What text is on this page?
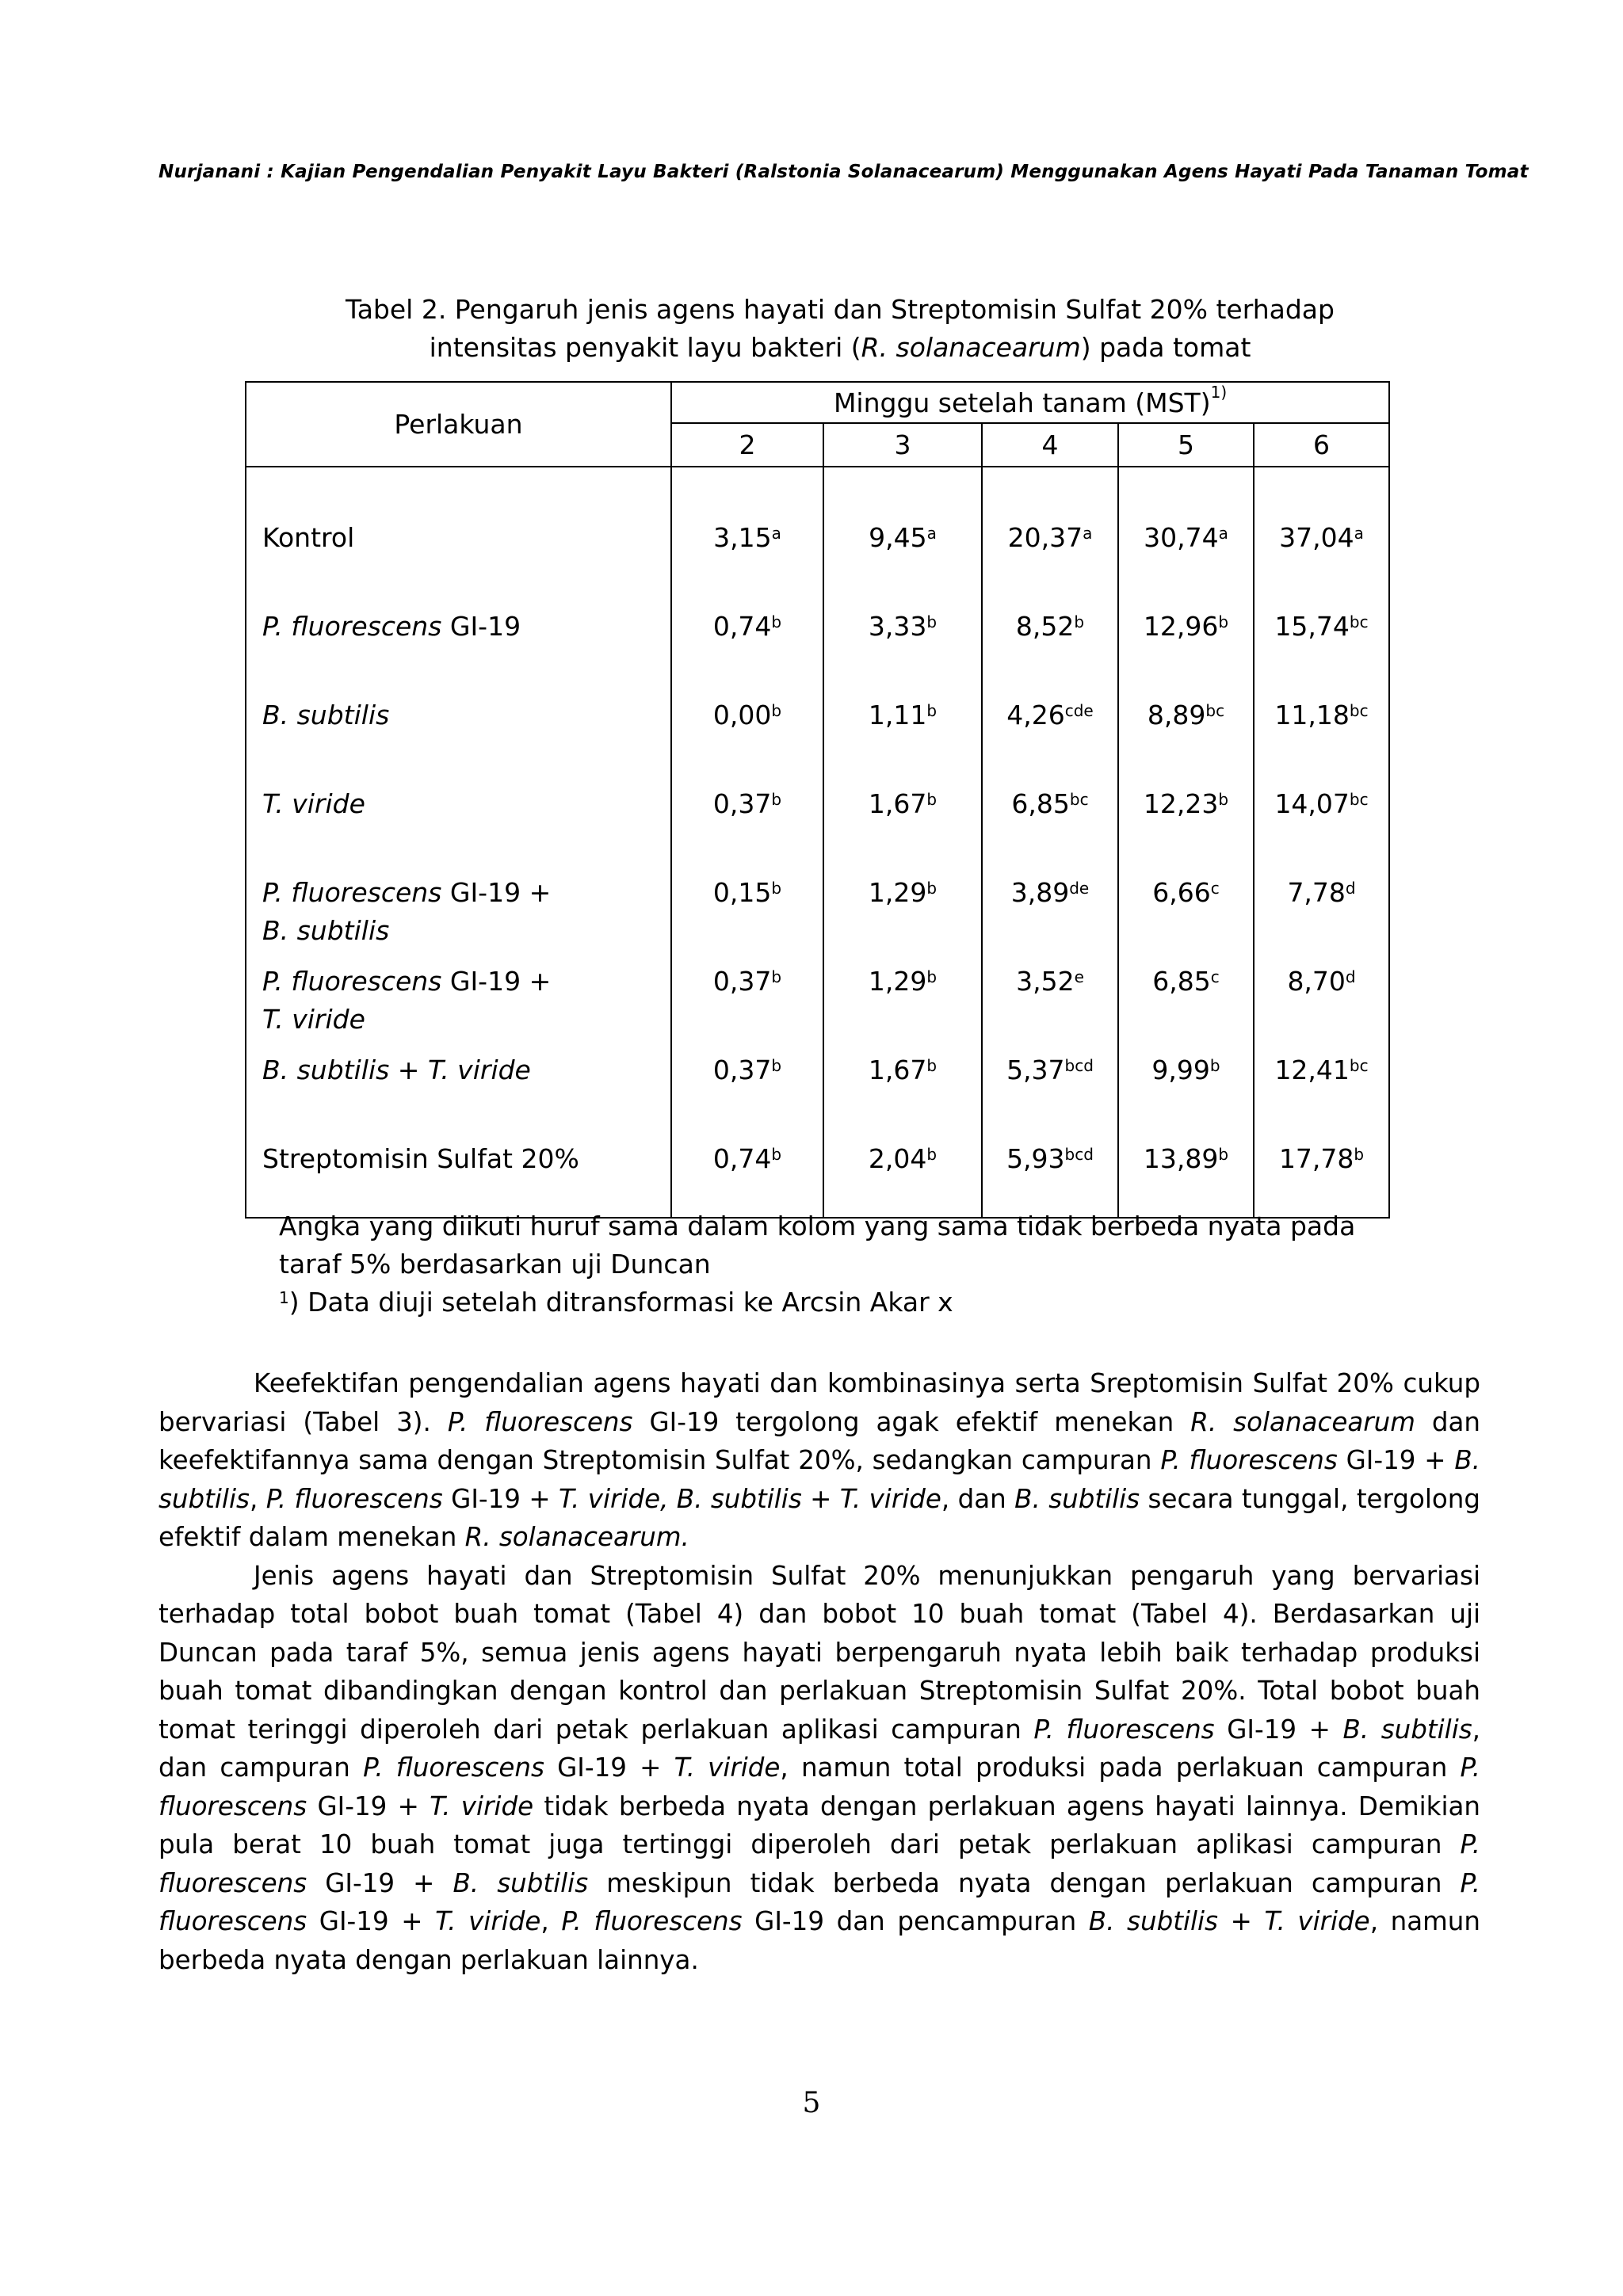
Nurjanani : Kajian Pengendalian Penyakit Layu Bakteri (Ralstonia Solanacearum) Menggunakan Agens Hayati Pada Tanaman Tomat
Tabel 2. Pengaruh jenis agens hayati dan Streptomisin Sulfat 20% terhadap
intensitas penyakit layu bakteri (R. solanacearum) pada tomat
Perlakuan	Minggu setelah tanam (MST)$^{1)}$
	2	3	4	5	6
Kontrol	3,15$^a$	9,45$^a$	20,37$^a$	30,74$^a$	37,04$^a$
P. fluorescens GI-19	0,74$^b$	3,33$^b$	8,52$^b$	12,96$^b$	15,74$^{bc}$
B. subtilis	0,00$^b$	1,11$^b$	4,26$^{cde}$	8,89$^{bc}$	11,18$^{bc}$
T. viride	0,37$^b$	1,67$^b$	6,85$^{bc}$	12,23$^b$	14,07$^{bc}$
P. fluorescens GI-19 +
B. subtilis	0,15$^b$	1,29$^b$	3,89de	6,66$^c$	7,78$^d$
P. fluorescens GI-19 +
T. viride	0,37$^b$	1,29$^b$	3,52e	6,85$^c$	8,70$^d$
B. subtilis + T. viride	0,37$^b$	1,67$^b$	5,37$^{bcd}$	9,99$^b$	12,41$^{bc}$
Streptomisin Sulfat 20%	0,74$^b$	2,04$^b$	5,93$^{bcd}$	13,89$^b$	17,78$^b$
Angka yang diikuti huruf sama dalam kolom yang sama tidak berbeda nyata pada
taraf 5% berdasarkan uji Duncan
$^1$) Data diuji setelah ditransformasi ke Arcsin Akar x

Keefektifan pengendalian agens hayati dan kombinasinya serta Sreptomisin Sulfat 20% cukup bervariasi (Tabel 3). P. fluorescens GI-19 tergolong agak efektif menekan R. solanacearum dan keefektifannya sama dengan Streptomisin Sulfat 20%, sedangkan campuran P. fluorescens GI-19 + B. subtilis, P. fluorescens GI-19 + T. viride, B. subtilis + T. viride, dan B. subtilis secara tunggal, tergolong efektif dalam menekan R. solanacearum.

Jenis agens hayati dan Streptomisin Sulfat 20% menunjukkan pengaruh yang bervariasi terhadap total bobot buah tomat (Tabel 4) dan bobot 10 buah tomat (Tabel 4). Berdasarkan uji Duncan pada taraf 5%, semua jenis agens hayati berpengaruh nyata lebih baik terhadap produksi buah tomat dibandingkan dengan kontrol dan perlakuan Streptomisin Sulfat 20%. Total bobot buah tomat teringgi diperoleh dari petak perlakuan aplikasi campuran P. fluorescens GI-19 + B. subtilis, dan campuran P. fluorescens GI-19 + T. viride, namun total produksi pada perlakuan campuran P. fluorescens GI-19 + T. viride tidak berbeda nyata dengan perlakuan agens hayati lainnya. Demikian pula berat 10 buah tomat juga tertinggi diperoleh dari petak perlakuan aplikasi campuran P. fluorescens GI-19 + B. subtilis meskipun tidak berbeda nyata dengan perlakuan campuran P. fluorescens GI-19 + T. viride, P. fluorescens GI-19 dan pencampuran B. subtilis + T. viride, namun berbeda nyata dengan perlakuan lainnya.

5
